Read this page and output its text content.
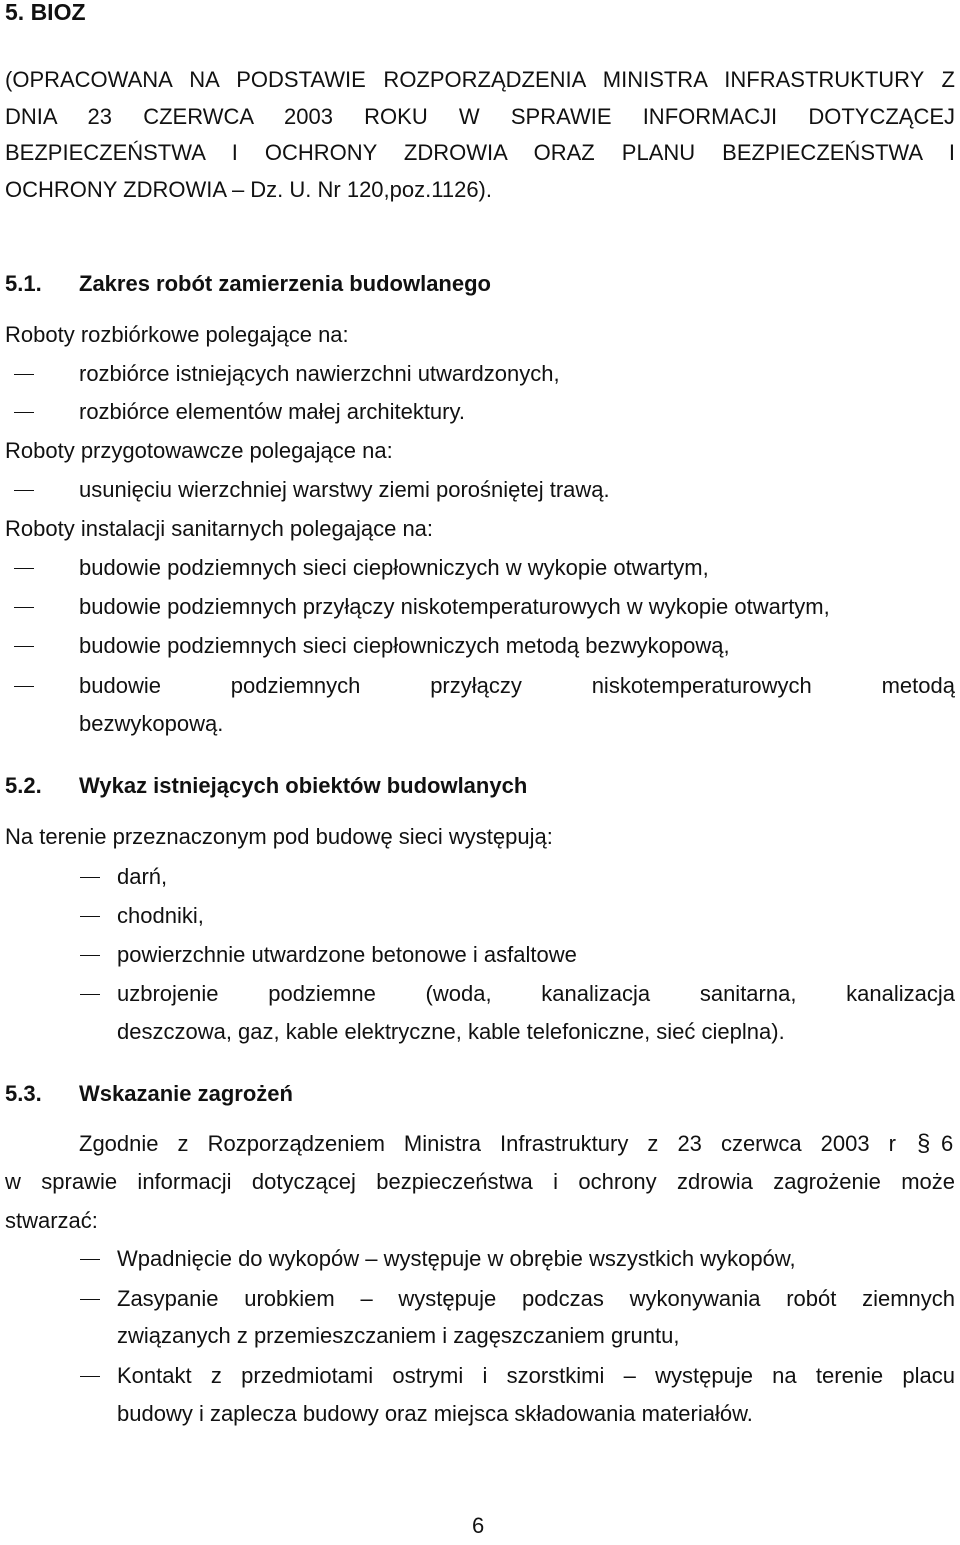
5. BIOZ
(OPRACOWANA NA PODSTAWIE ROZPORZĄDZENIA MINISTRA INFRASTRUKTURY Z
DNIA 23 CZERWCA 2003 ROKU W SPRAWIE INFORMACJI DOTYCZĄCEJ
BEZPIECZEŃSTWA I OCHRONY ZDROWIA ORAZ PLANU BEZPIECZEŃSTWA I
OCHRONY ZDROWIA – Dz. U. Nr 120,poz.1126).
5.1. Zakres robót zamierzenia budowlanego
Roboty rozbiórkowe polegające na:
rozbiórce istniejących nawierzchni utwardzonych,
rozbiórce elementów małej architektury.
Roboty przygotowawcze polegające na:
usunięciu wierzchniej warstwy ziemi porośniętej trawą.
Roboty instalacji sanitarnych polegające na:
budowie podziemnych sieci ciepłowniczych w wykopie otwartym,
budowie podziemnych przyłączy niskotemperaturowych w wykopie otwartym,
budowie podziemnych sieci ciepłowniczych metodą bezwykopową,
budowie podziemnych przyłączy niskotemperaturowych metodą
bezwykopową.
5.2. Wykaz istniejących obiektów budowlanych
Na terenie przeznaczonym pod budowę sieci występują:
darń,
chodniki,
powierzchnie utwardzone betonowe i asfaltowe
uzbrojenie podziemne (woda, kanalizacja sanitarna, kanalizacja
deszczowa, gaz, kable elektryczne, kable telefoniczne, sieć cieplna).
5.3. Wskazanie zagrożeń
Zgodnie z Rozporządzeniem Ministra Infrastruktury z 23 czerwca 2003 r § 6
w sprawie informacji dotyczącej bezpieczeństwa i ochrony zdrowia zagrożenie może
stwarzać:
Wpadnięcie do wykopów – występuje w obrębie wszystkich wykopów,
Zasypanie urobkiem – występuje podczas wykonywania robót ziemnych
związanych z przemieszczaniem i zagęszczaniem gruntu,
Kontakt z przedmiotami ostrymi i szorstkimi – występuje na terenie placu
budowy i zaplecza budowy oraz miejsca składowania materiałów.
6
